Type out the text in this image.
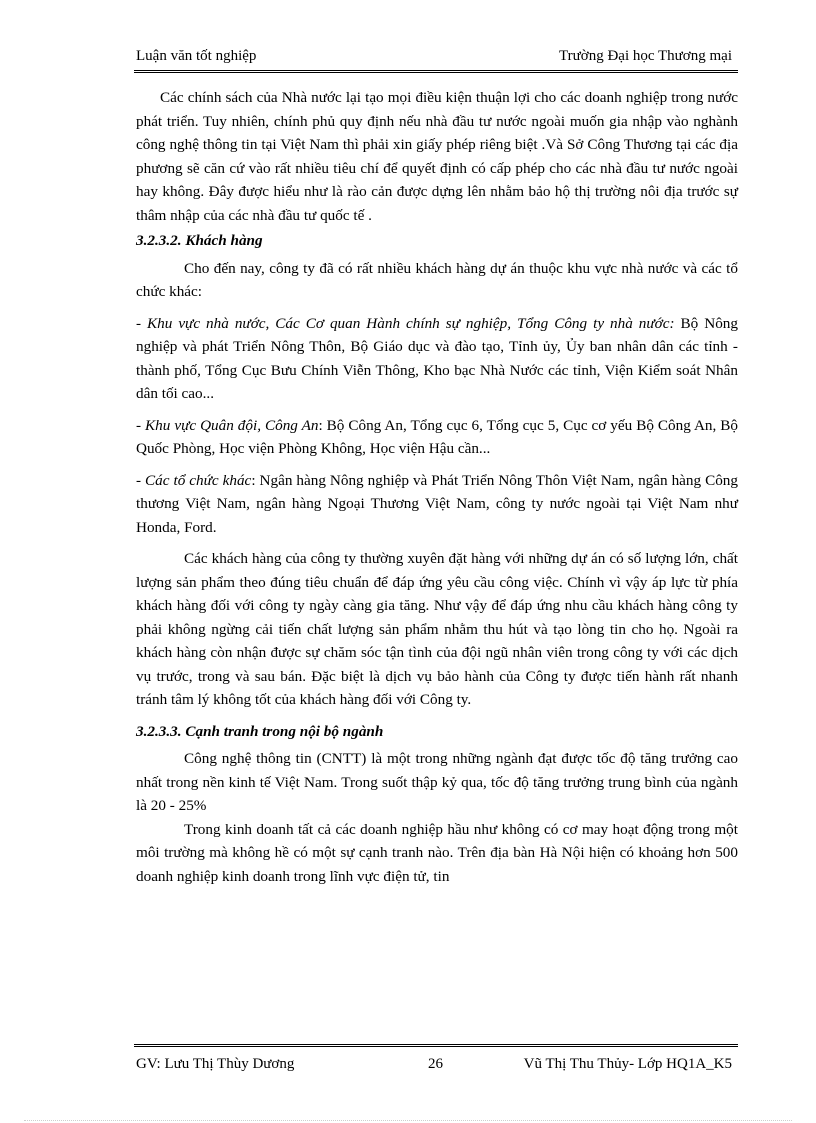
Luận văn tốt nghiệp	Trường Đại học Thương mại

Các chính sách của Nhà nước lại tạo mọi điều kiện thuận lợi cho các doanh nghiệp trong nước phát triển. Tuy nhiên, chính phủ quy định nếu nhà đầu tư nước ngoài muốn gia nhập vào nghành công nghệ thông tin tại Việt Nam thì phải xin giấy phép riêng biệt .Và Sở Công Thương tại các địa phương sẽ căn cứ vào rất nhiều tiêu chí để quyết định có cấp phép cho các nhà đầu tư nước ngoài hay không. Đây được hiểu như là rào cản được dựng lên nhằm bảo hộ thị trường nôi địa trước sự thâm nhập của các nhà đầu tư quốc tế .

3.2.3.2. Khách hàng

Cho đến nay, công ty đã có rất nhiều khách hàng dự án thuộc khu vực nhà nước và các tổ chức khác:

- Khu vực nhà nước, Các Cơ quan Hành chính sự nghiệp, Tổng Công ty nhà nước: Bộ Nông nghiệp và phát Triển Nông Thôn, Bộ Giáo dục và đào tạo, Tỉnh ủy, Ủy ban nhân dân các tỉnh - thành phố, Tổng Cục Bưu Chính Viễn Thông, Kho bạc Nhà Nước các tỉnh, Viện Kiểm soát Nhân dân tối cao...

- Khu vực Quân đội, Công An: Bộ Công An, Tổng cục 6, Tổng cục 5, Cục cơ yếu Bộ Công An, Bộ Quốc Phòng, Học viện Phòng Không, Học viện Hậu cần...

- Các tổ chức khác: Ngân hàng Nông nghiệp và Phát Triển Nông Thôn Việt Nam, ngân hàng Công thương Việt Nam, ngân hàng Ngoại Thương Việt Nam, công ty nước ngoài tại Việt Nam như Honda, Ford.

Các khách hàng của công ty thường xuyên đặt hàng với những dự án có số lượng lớn, chất lượng sản phẩm theo đúng tiêu chuẩn để đáp ứng yêu cầu công việc. Chính vì vậy áp lực từ phía khách hàng đối với công ty ngày càng gia tăng. Như vậy để đáp ứng nhu cầu khách hàng công ty phải không ngừng cải tiến chất lượng sản phẩm nhằm thu hút và tạo lòng tin cho họ. Ngoài ra khách hàng còn nhận được sự chăm sóc tận tình của đội ngũ nhân viên trong công ty với các dịch vụ trước, trong và sau bán. Đặc biệt là dịch vụ bảo hành của Công ty được tiến hành rất nhanh tránh tâm lý không tốt của khách hàng đối với Công ty.

3.2.3.3. Cạnh tranh trong nội bộ ngành

Công nghệ thông tin (CNTT) là một trong những ngành đạt được tốc độ tăng trưởng cao nhất trong nền kinh tế Việt Nam. Trong suốt thập kỷ qua, tốc độ tăng trưởng trung bình của ngành là 20 - 25%

Trong kinh doanh tất cả các doanh nghiệp hầu như không có cơ may hoạt động trong một môi trường mà không hề có một sự cạnh tranh nào. Trên địa bàn Hà Nội hiện có khoảng hơn 500 doanh nghiệp kinh doanh trong lĩnh vực điện tử, tin

GV: Lưu Thị Thùy Dương	26	Vũ Thị Thu Thủy- Lớp HQ1A_K5
